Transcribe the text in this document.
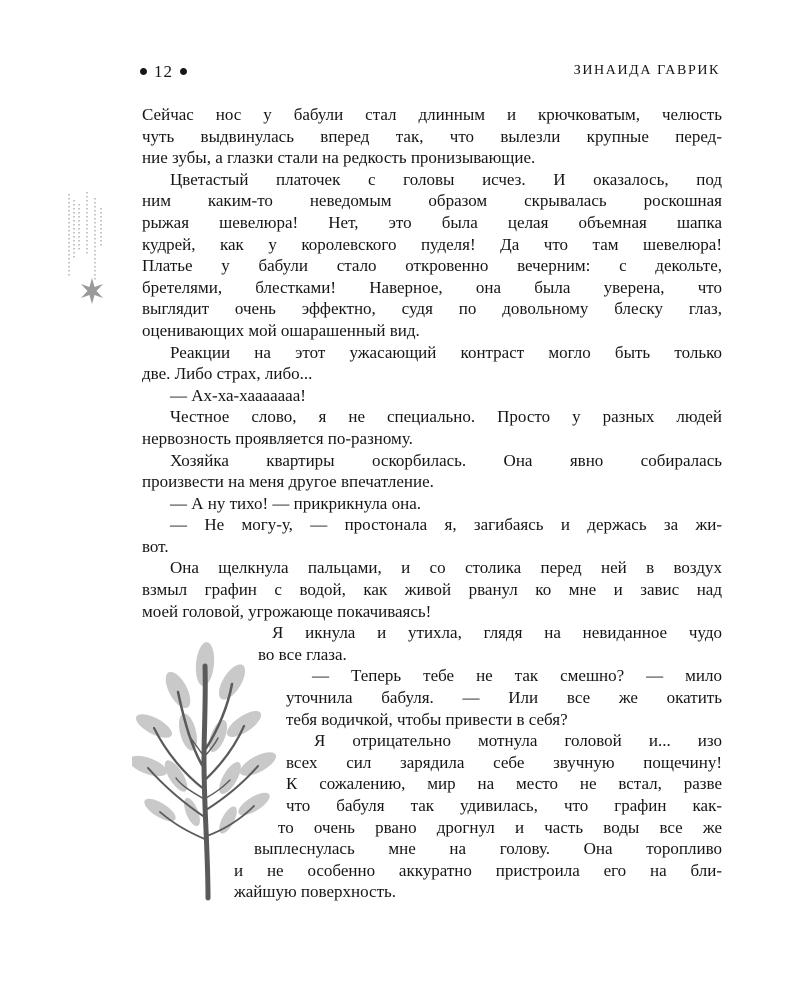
12	ЗИНАИДА ГАВРИК
Сейчас нос у бабули стал длинным и крючковатым, челюсть
чуть выдвинулась вперед так, что вылезли крупные перед-
ние зубы, а глазки стали на редкость пронизывающие.
Цветастый платочек с головы исчез. И оказалось, под
ним каким-то неведомым образом скрывалась роскошная
рыжая шевелюра! Нет, это была целая объемная шапка
кудрей, как у королевского пуделя! Да что там шевелюра!
Платье у бабули стало откровенно вечерним: с декольте,
бретелями, блестками! Наверное, она была уверена, что
выглядит очень эффектно, судя по довольному блеску глаз,
оценивающих мой ошарашенный вид.
Реакции на этот ужасающий контраст могло быть только
две. Либо страх, либо...
— Ах-ха-хааааааа!
Честное слово, я не специально. Просто у разных людей
нервозность проявляется по-разному.
Хозяйка квартиры оскорбилась. Она явно собиралась
произвести на меня другое впечатление.
— А ну тихо! — прикрикнула она.
— Не могу-у, — простонала я, загибаясь и держась за жи-
вот.
Она щелкнула пальцами, и со столика перед ней в воздух
взмыл графин с водой, как живой рванул ко мне и завис над
моей головой, угрожающе покачиваясь!
Я икнула и утихла, глядя на невиданное чудо
во все глаза.
— Теперь тебе не так смешно? — мило
уточнила бабуля. — Или все же окатить
тебя водичкой, чтобы привести в себя?
Я отрицательно мотнула головой и... изо
всех сил зарядила себе звучную пощечину!
К сожалению, мир на место не встал, разве
что бабуля так удивилась, что графин как-
то очень рвано дрогнул и часть воды все же
выплеснулась мне на голову. Она торопливо
и не особенно аккуратно пристроила его на бли-
жайшую поверхность.
